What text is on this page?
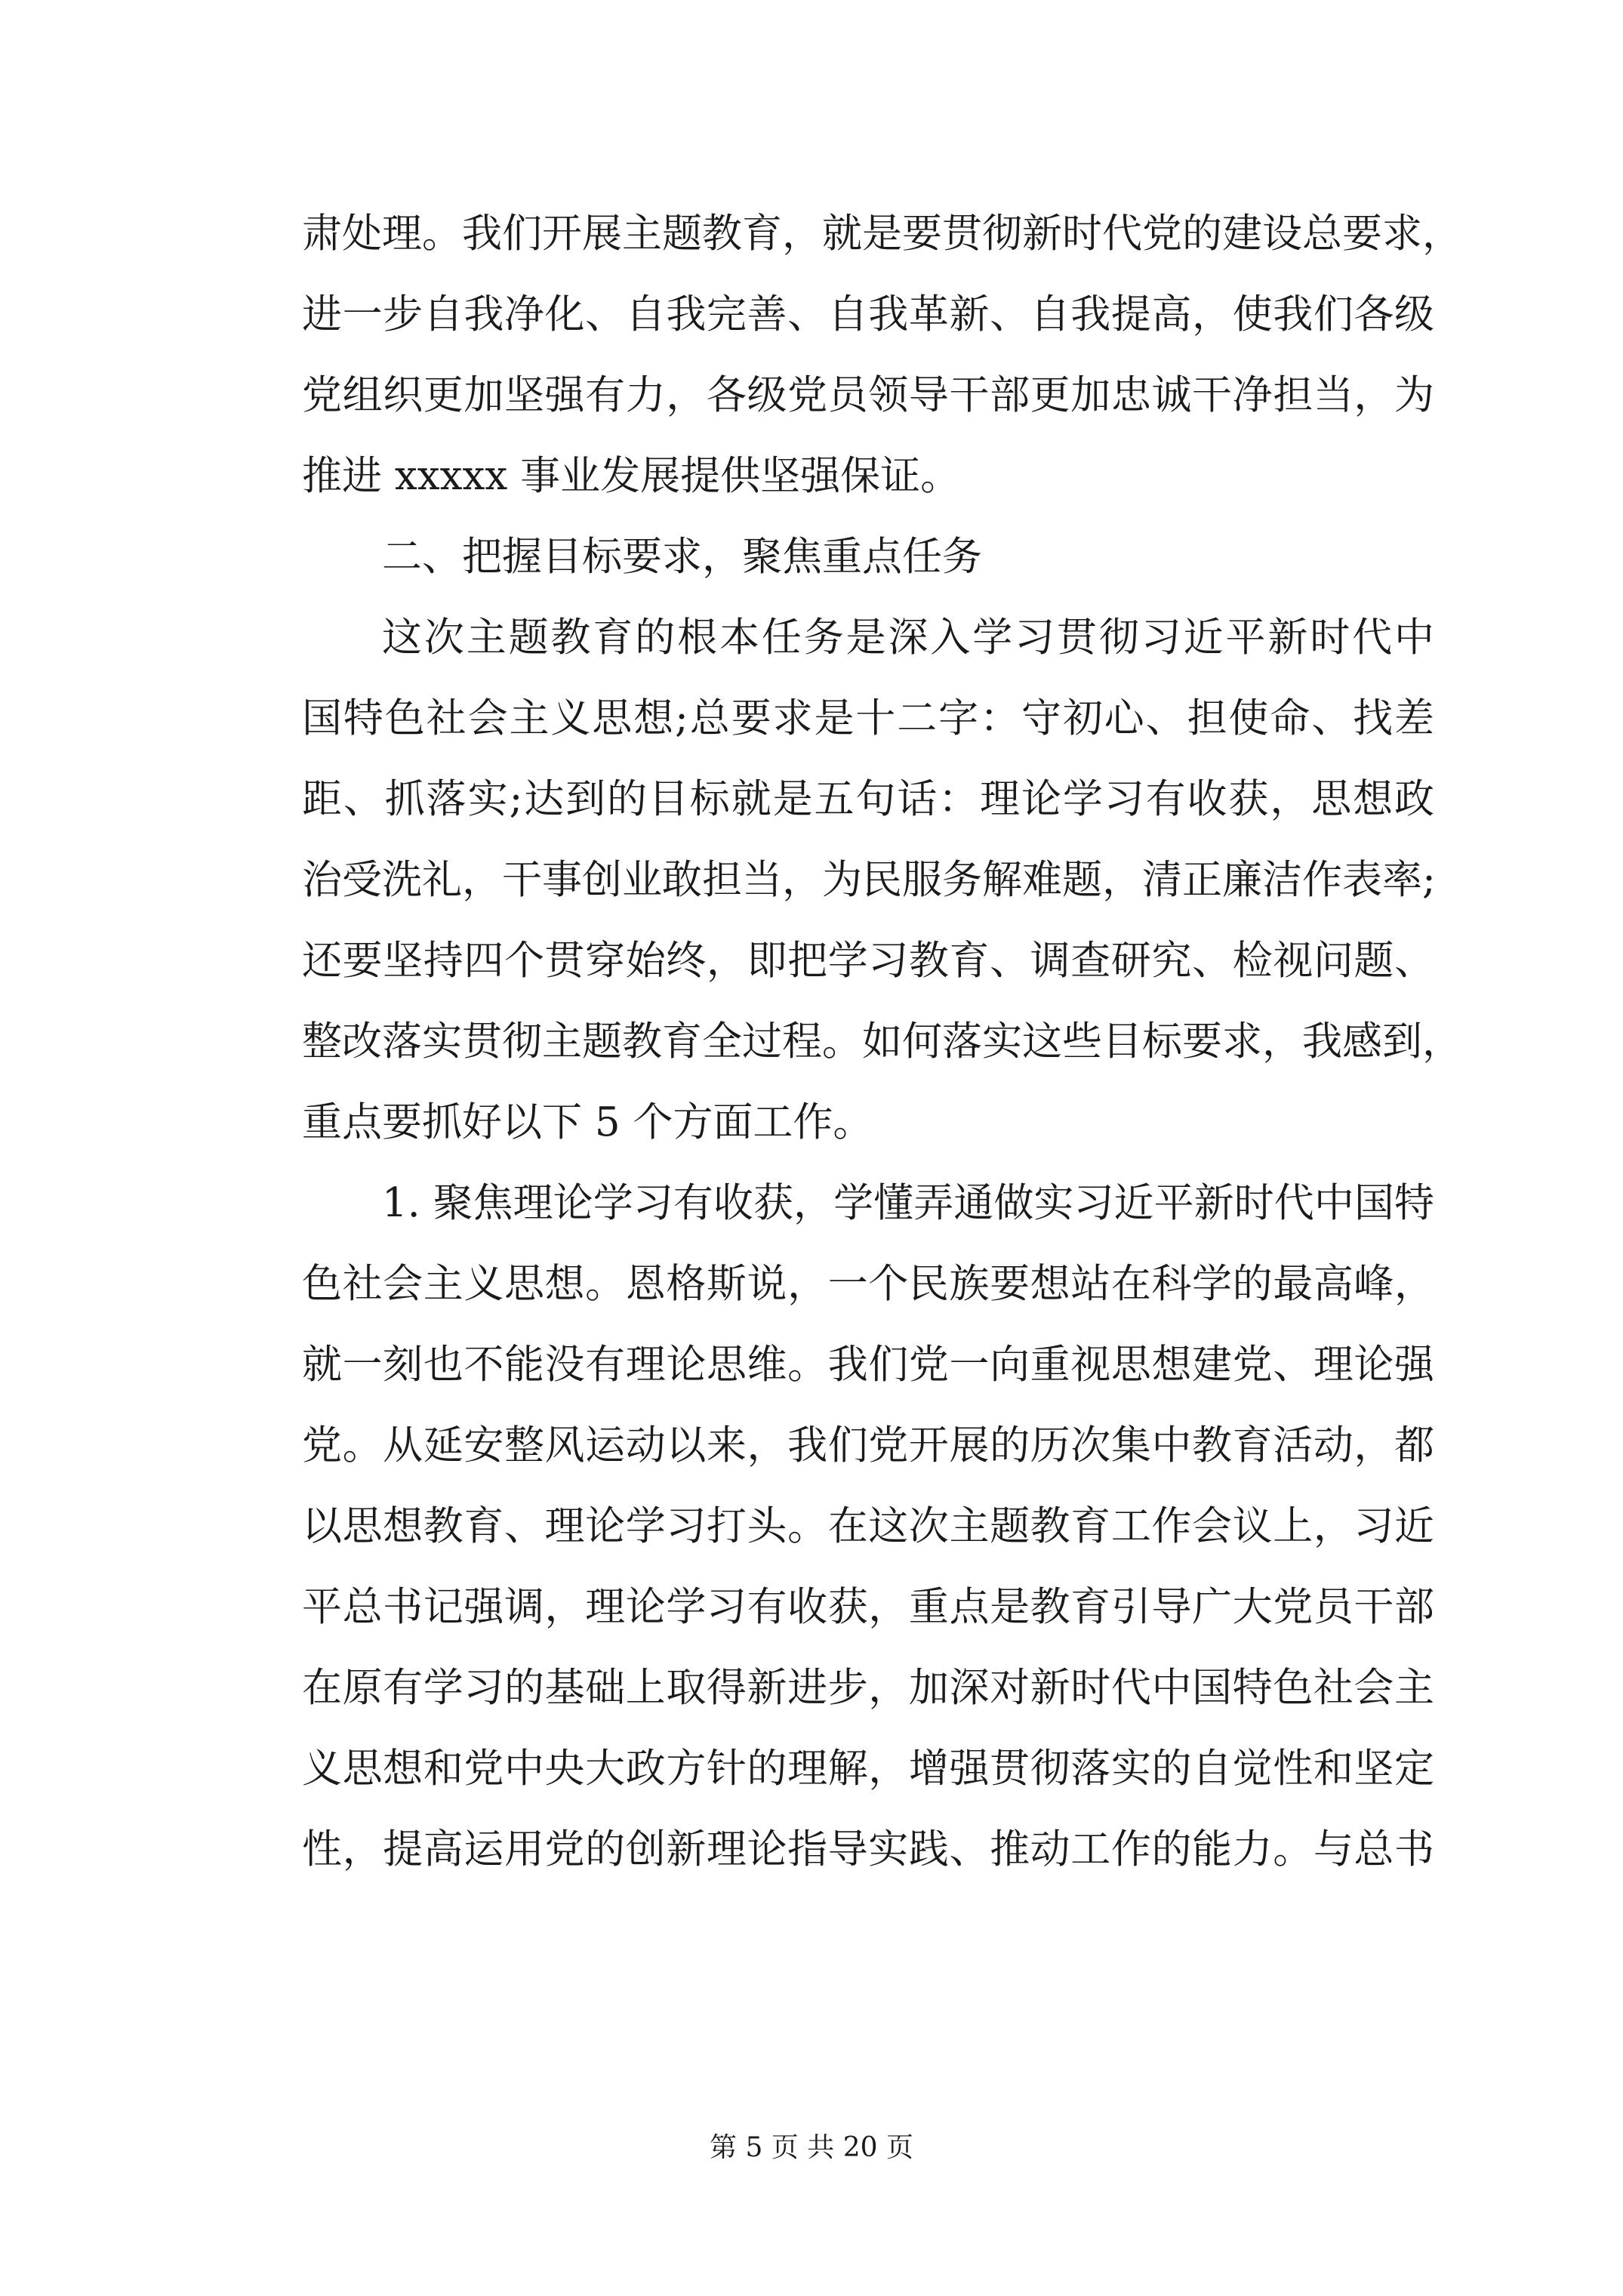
肃处理。我们开展主题教育，就是要贯彻新时代党的建设总要求，
进一步自我净化、自我完善、自我革新、自我提高，使我们各级
党组织更加坚强有力，各级党员领导干部更加忠诚干净担当，为
推进 xxxxx 事业发展提供坚强保证。
二、把握目标要求，聚焦重点任务
这次主题教育的根本任务是深入学习贯彻习近平新时代中
国特色社会主义思想;总要求是十二字：守初心、担使命、找差
距、抓落实;达到的目标就是五句话：理论学习有收获，思想政
治受洗礼，干事创业敢担当，为民服务解难题，清正廉洁作表率;
还要坚持四个贯穿始终，即把学习教育、调查研究、检视问题、
整改落实贯彻主题教育全过程。如何落实这些目标要求，我感到，
重点要抓好以下 5 个方面工作。
1. 聚焦理论学习有收获，学懂弄通做实习近平新时代中国特
色社会主义思想。恩格斯说，一个民族要想站在科学的最高峰，
就一刻也不能没有理论思维。我们党一向重视思想建党、理论强
党。从延安整风运动以来，我们党开展的历次集中教育活动，都
以思想教育、理论学习打头。在这次主题教育工作会议上，习近
平总书记强调，理论学习有收获，重点是教育引导广大党员干部
在原有学习的基础上取得新进步，加深对新时代中国特色社会主
义思想和党中央大政方针的理解，增强贯彻落实的自觉性和坚定
性，提高运用党的创新理论指导实践、推动工作的能力。与总书
第 5 页 共 20 页
